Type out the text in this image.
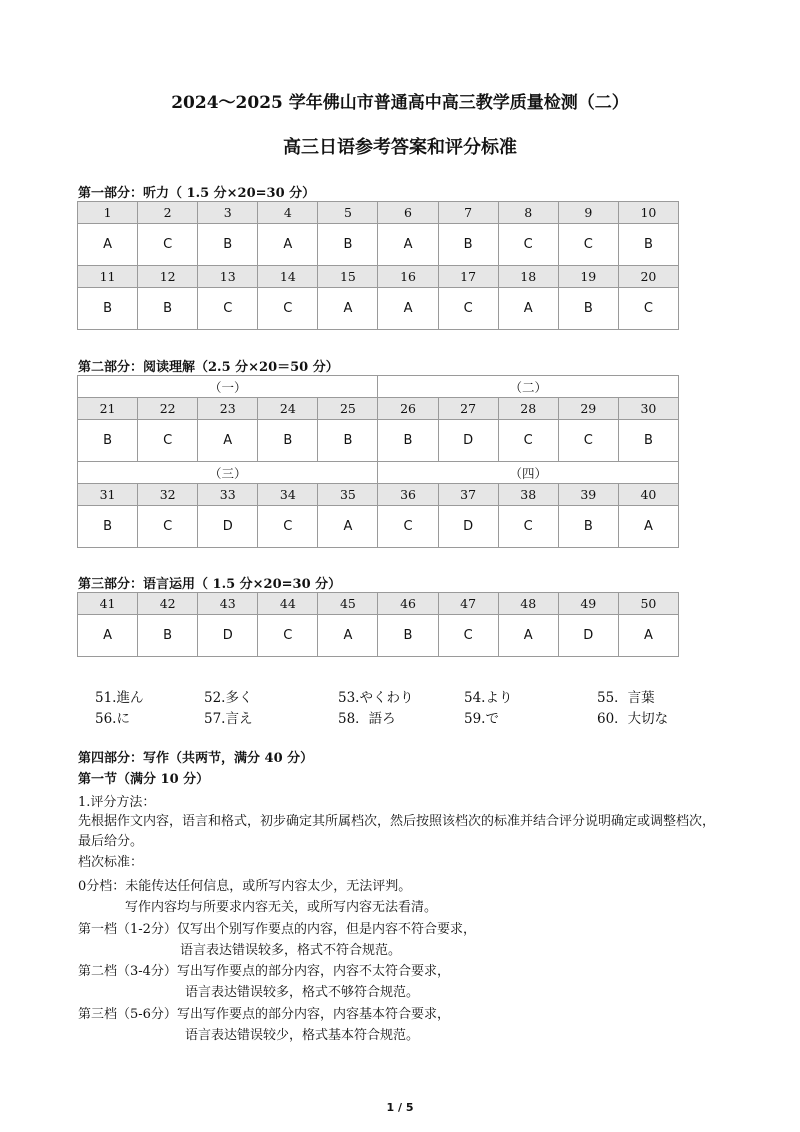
2024～2025 学年佛山市普通高中高三教学质量检测（二）
高三日语参考答案和评分标准
第一部分：听力（ 1.5 分×20=30 分）
1	2	3	4	5	6	7	8	9	10
A	C	B	A	B	A	B	C	C	B
11	12	13	14	15	16	17	18	19	20
B	B	C	C	A	A	C	A	B	C
第二部分：阅读理解（2.5 分×20＝50 分）
（一）					（二）				
21	22	23	24	25	26	27	28	29	30
B	C	A	B	B	B	D	C	C	B
（三）					（四）				
31	32	33	34	35	36	37	38	39	40
B	C	D	C	A	C	D	C	B	A
第三部分：语言运用（ 1.5 分×20=30 分）
41	42	43	44	45	46	47	48	49	50
A	B	D	C	A	B	C	A	D	A
51.進ん	52.多く	53.やくわり	54.より	55．言葉
56.に	57.言え	58．語ろ	59.で	60．大切な
第四部分：写作（共两节，满分 40 分）
第一节（满分 10 分）
1.评分方法：
先根据作文内容，语言和格式，初步确定其所属档次，然后按照该档次的标准并结合评分说明确定或调整档次，最后给分。
档次标准：
0分档：未能传达任何信息，或所写内容太少，无法评判。
写作内容均与所要求内容无关，或所写内容无法看清。
第一档（1-2分）仅写出个别写作要点的内容，但是内容不符合要求，
语言表达错误较多，格式不符合规范。
第二档（3-4分）写出写作要点的部分内容，内容不太符合要求，
语言表达错误较多，格式不够符合规范。
第三档（5-6分）写出写作要点的部分内容，内容基本符合要求，
语言表达错误较少，格式基本符合规范。
1 / 5
